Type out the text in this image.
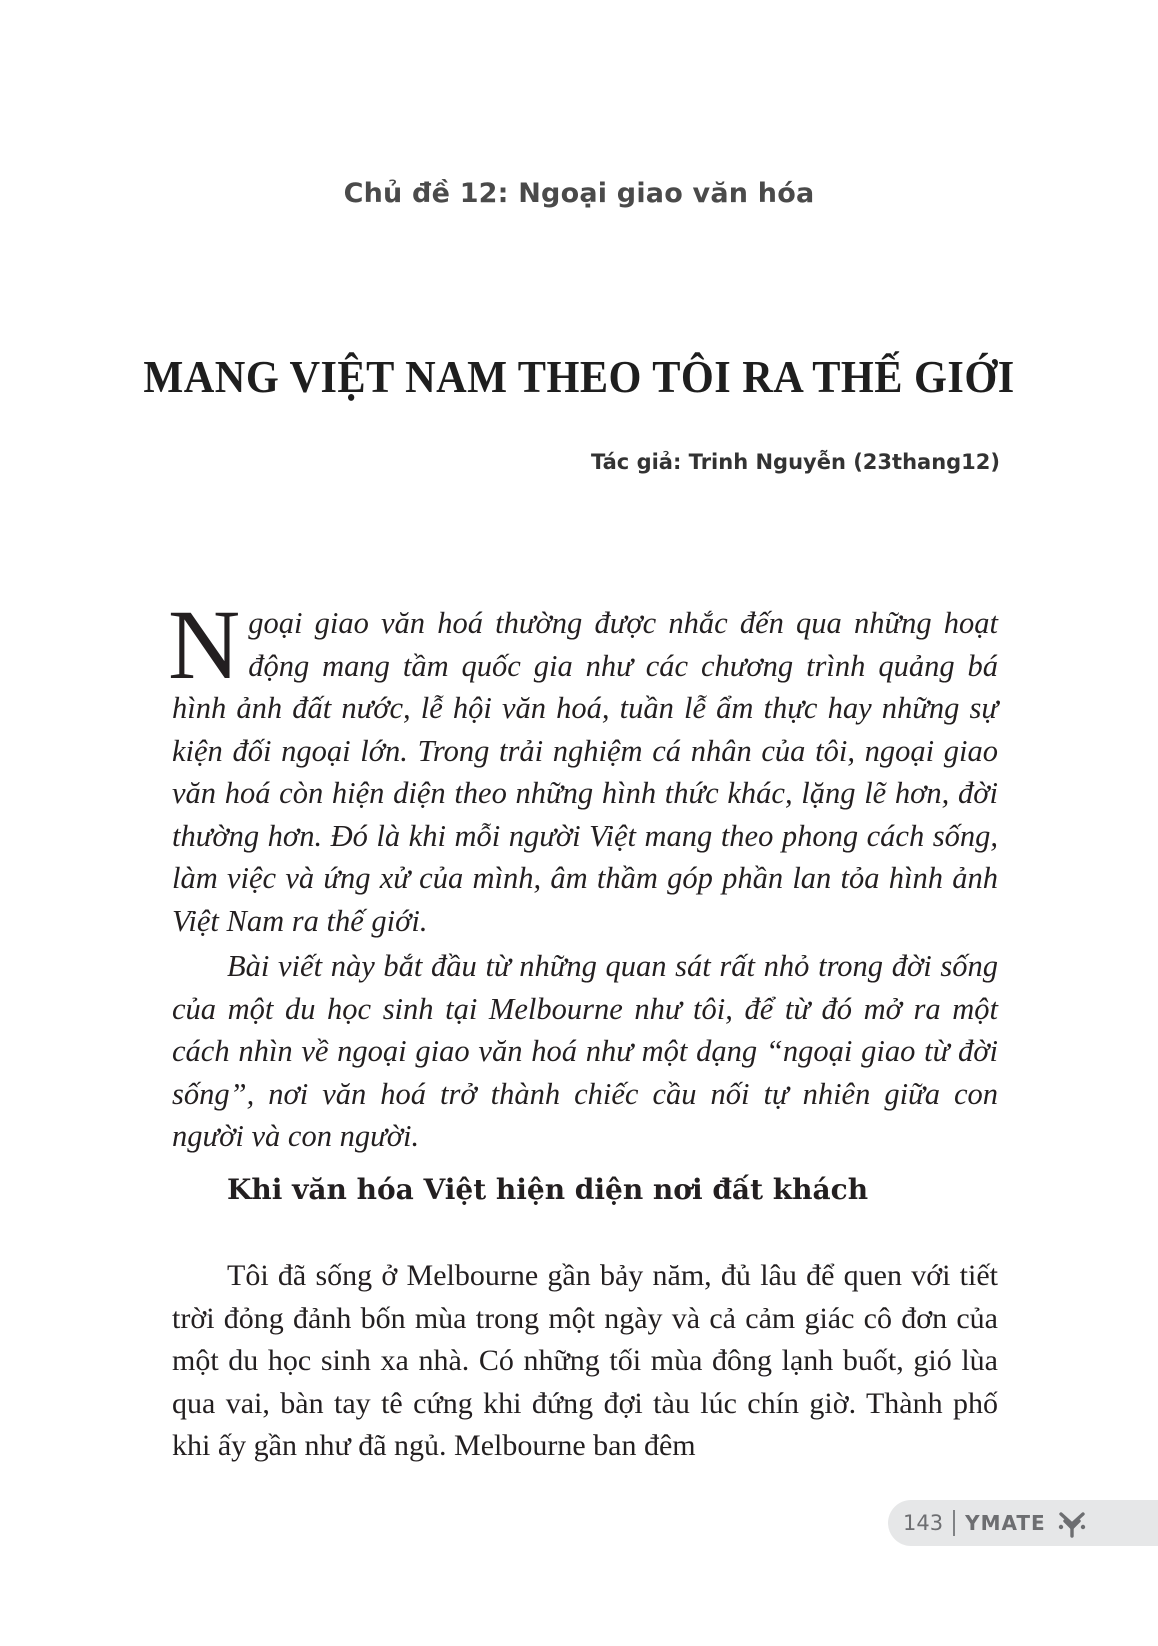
Chủ đề 12: Ngoại giao văn hóa
MANG VIỆT NAM THEO TÔI RA THẾ GIỚI
Tác giả: Trinh Nguyễn (23thang12)

Ngoại giao văn hoá thường được nhắc đến qua những hoạt động mang tầm quốc gia như các chương trình quảng bá hình ảnh đất nước, lễ hội văn hoá, tuần lễ ẩm thực hay những sự kiện đối ngoại lớn. Trong trải nghiệm cá nhân của tôi, ngoại giao văn hoá còn hiện diện theo những hình thức khác, lặng lẽ hơn, đời thường hơn. Đó là khi mỗi người Việt mang theo phong cách sống, làm việc và ứng xử của mình, âm thầm góp phần lan tỏa hình ảnh Việt Nam ra thế giới.

Bài viết này bắt đầu từ những quan sát rất nhỏ trong đời sống của một du học sinh tại Melbourne như tôi, để từ đó mở ra một cách nhìn về ngoại giao văn hoá như một dạng “ngoại giao từ đời sống”, nơi văn hoá trở thành chiếc cầu nối tự nhiên giữa con người và con người.

Khi văn hóa Việt hiện diện nơi đất khách

Tôi đã sống ở Melbourne gần bảy năm, đủ lâu để quen với tiết trời đỏng đảnh bốn mùa trong một ngày và cả cảm giác cô đơn của một du học sinh xa nhà. Có những tối mùa đông lạnh buốt, gió lùa qua vai, bàn tay tê cứng khi đứng đợi tàu lúc chín giờ. Thành phố khi ấy gần như đã ngủ. Melbourne ban đêm

143 YMATE
